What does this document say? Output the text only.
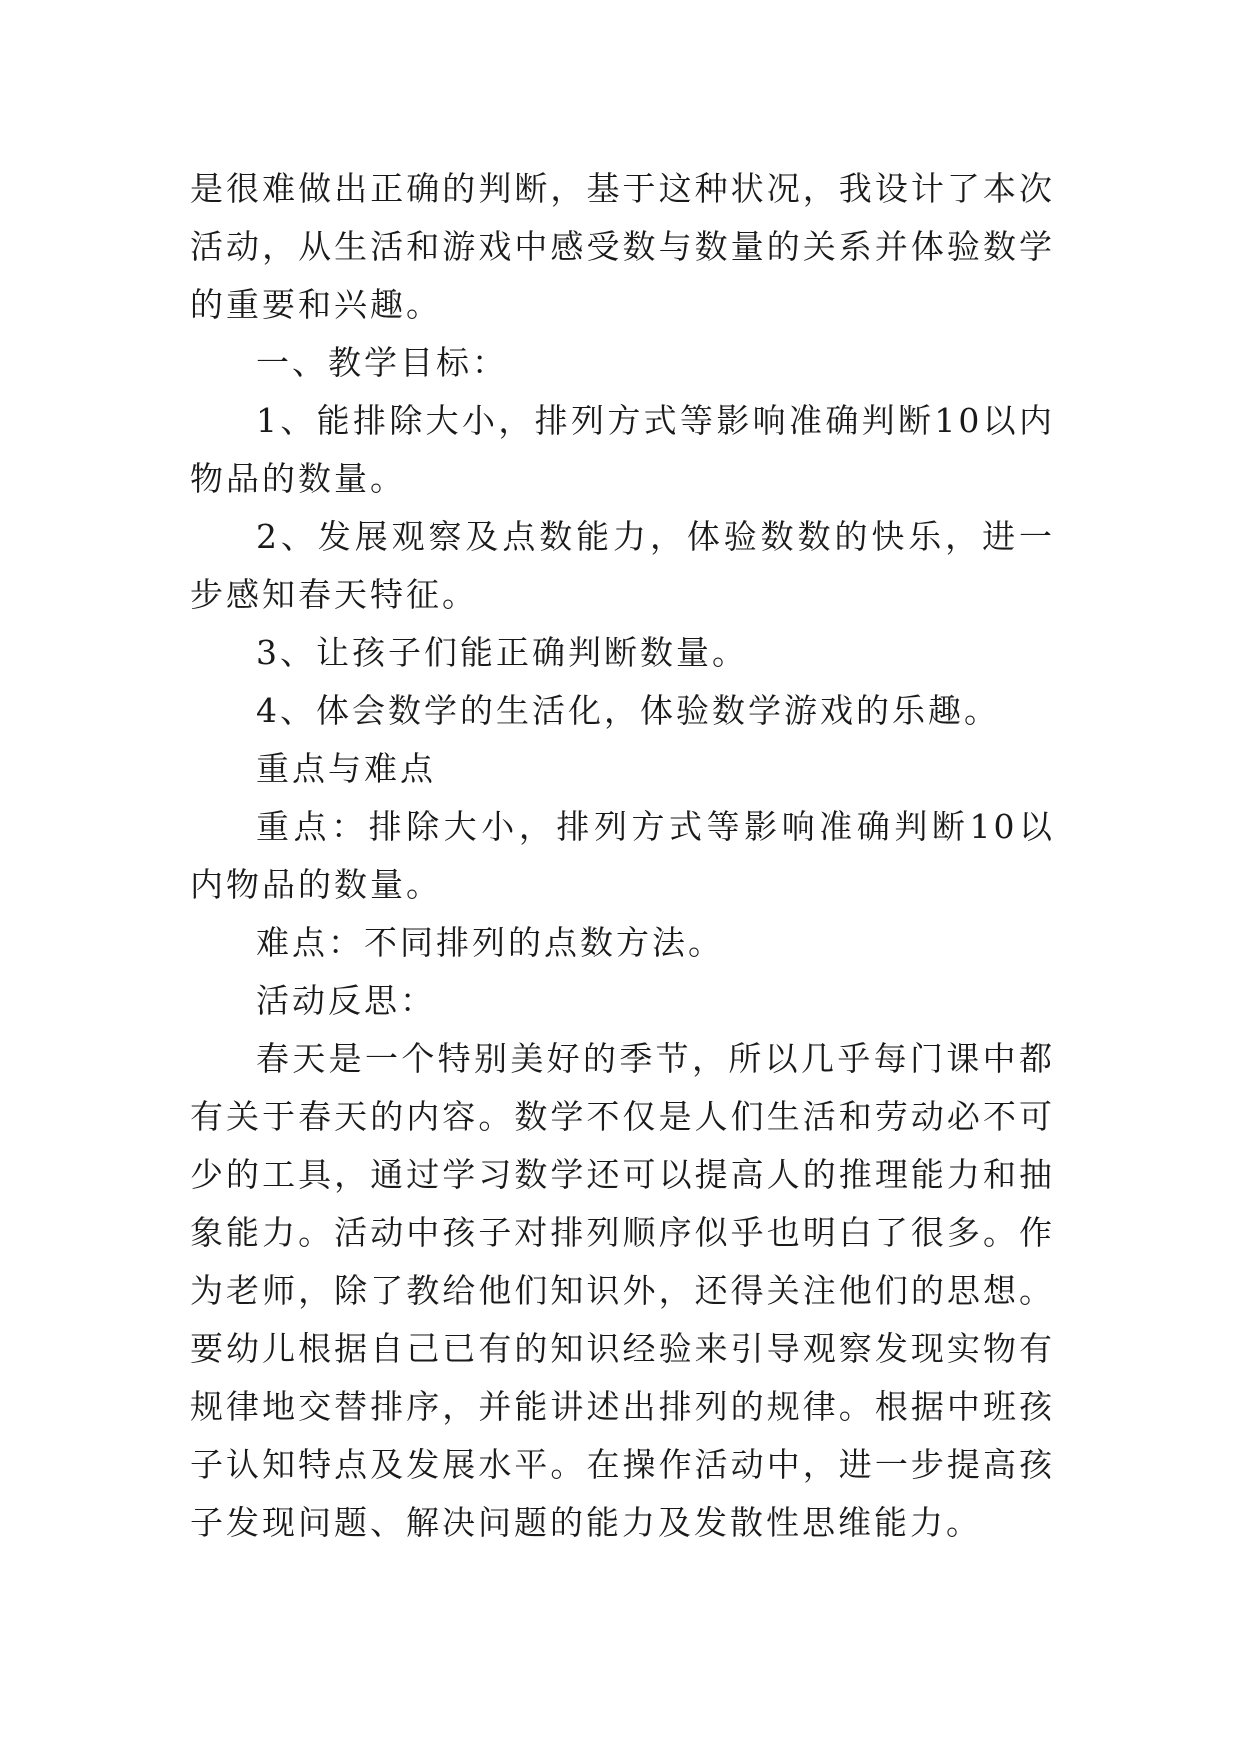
是很难做出正确的判断，基于这种状况，我设计了本次活动，从生活和游戏中感受数与数量的关系并体验数学的重要和兴趣。

一、教学目标：

1、能排除大小，排列方式等影响准确判断10以内物品的数量。

2、发展观察及点数能力，体验数数的快乐，进一步感知春天特征。

3、让孩子们能正确判断数量。

4、体会数学的生活化，体验数学游戏的乐趣。

重点与难点

重点：排除大小，排列方式等影响准确判断10以内物品的数量。

难点：不同排列的点数方法。

活动反思：

春天是一个特别美好的季节，所以几乎每门课中都有关于春天的内容。数学不仅是人们生活和劳动必不可少的工具，通过学习数学还可以提高人的推理能力和抽象能力。活动中孩子对排列顺序似乎也明白了很多。作为老师，除了教给他们知识外，还得关注他们的思想。要幼儿根据自己已有的知识经验来引导观察发现实物有规律地交替排序，并能讲述出排列的规律。根据中班孩子认知特点及发展水平。在操作活动中，进一步提高孩子发现问题、解决问题的能力及发散性思维能力。
